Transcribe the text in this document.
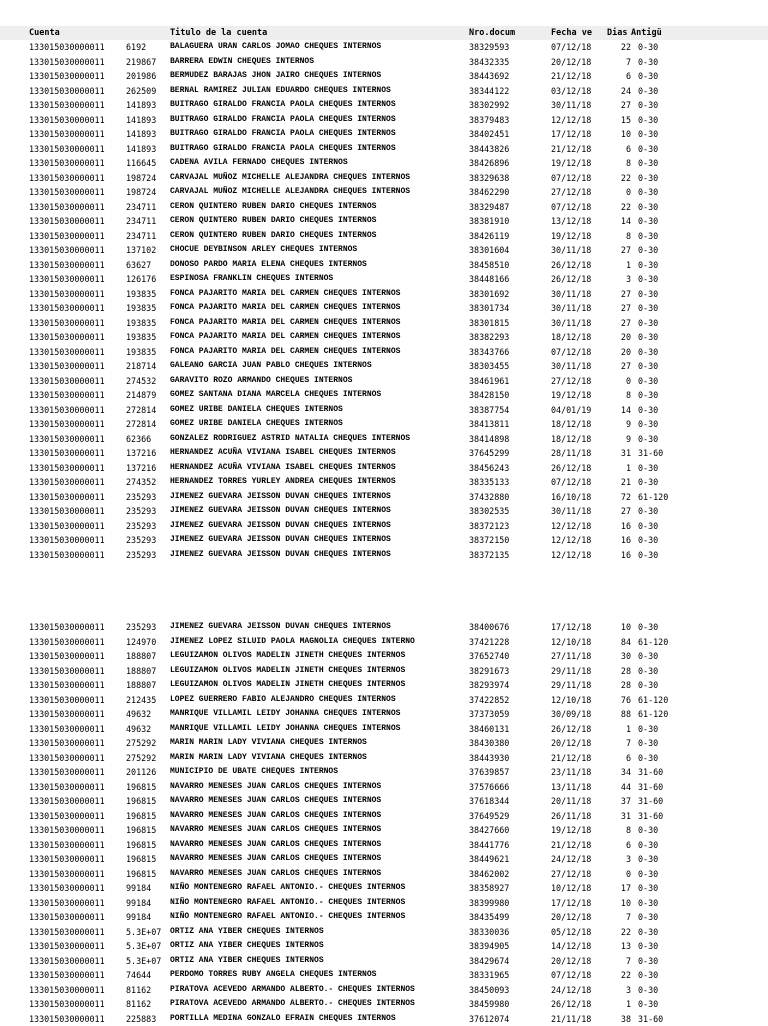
Cuenta	Titulo de la cuenta	Nro.docum	Fecha ve Dias Antigü
133015030000011	6192	BALAGUERA URAN CARLOS JOMAO CHEQUES INTERNOS	38329593	07/12/18	22 0-30
133015030000011	219867 BARRERA EDWIN CHEQUES INTERNOS	38432335	20/12/18	7 0-30
133015030000011	201986 BERMUDEZ BARAJAS JHON JAIRO CHEQUES INTERNOS	38443692	21/12/18	6 0-30
133015030000011	262509 BERNAL RAMIREZ JULIAN EDUARDO CHEQUES INTERNOS	38344122	03/12/18	24 0-30
133015030000011	141893 BUITRAGO GIRALDO FRANCIA PAOLA CHEQUES INTERNOS	38302992	30/11/18	27 0-30
133015030000011	141893 BUITRAGO GIRALDO FRANCIA PAOLA CHEQUES INTERNOS	38379483	12/12/18	15 0-30
133015030000011	141893 BUITRAGO GIRALDO FRANCIA PAOLA CHEQUES INTERNOS	38402451	17/12/18	10 0-30
133015030000011	141893 BUITRAGO GIRALDO FRANCIA PAOLA CHEQUES INTERNOS	38443826	21/12/18	6 0-30
133015030000011	116645 CADENA AVILA FERNADO CHEQUES INTERNOS	38426896	19/12/18	8 0-30
133015030000011	198724 CARVAJAL MUÑOZ MICHELLE ALEJANDRA CHEQUES INTERNOS	38329638	07/12/18	22 0-30
133015030000011	198724 CARVAJAL MUÑOZ MICHELLE ALEJANDRA CHEQUES INTERNOS	38462290	27/12/18	0 0-30
133015030000011	234711 CERON QUINTERO RUBEN DARIO CHEQUES INTERNOS	38329487	07/12/18	22 0-30
133015030000011	234711 CERON QUINTERO RUBEN DARIO CHEQUES INTERNOS	38381910	13/12/18	14 0-30
133015030000011	234711 CERON QUINTERO RUBEN DARIO CHEQUES INTERNOS	38426119	19/12/18	8 0-30
133015030000011	137102 CHOCUE DEYBINSON ARLEY CHEQUES INTERNOS	38301604	30/11/18	27 0-30
133015030000011	63627 DONOSO PARDO MARIA ELENA CHEQUES INTERNOS	38458510	26/12/18	1 0-30
133015030000011	126176 ESPINOSA FRANKLIN CHEQUES INTERNOS	38448166	26/12/18	3 0-30
133015030000011	193835 FONCA PAJARITO MARIA DEL CARMEN CHEQUES INTERNOS	38301692	30/11/18	27 0-30
133015030000011	193835 FONCA PAJARITO MARIA DEL CARMEN CHEQUES INTERNOS	38301734	30/11/18	27 0-30
133015030000011	193835 FONCA PAJARITO MARIA DEL CARMEN CHEQUES INTERNOS	38301815	30/11/18	27 0-30
133015030000011	193835 FONCA PAJARITO MARIA DEL CARMEN CHEQUES INTERNOS	38382293	18/12/18	20 0-30
133015030000011	193835 FONCA PAJARITO MARIA DEL CARMEN CHEQUES INTERNOS	38343766	07/12/18	20 0-30
133015030000011	218714 GALEANO GARCIA JUAN PABLO CHEQUES INTERNOS	38303455	30/11/18	27 0-30
133015030000011	274532 GARAVITO ROZO ARMANDO CHEQUES INTERNOS	38461961	27/12/18	0 0-30
133015030000011	214879 GOMEZ SANTANA DIANA MARCELA CHEQUES INTERNOS	38428150	19/12/18	8 0-30
133015030000011	272814 GOMEZ URIBE DANIELA CHEQUES INTERNOS	38387754	04/01/19	14 0-30
133015030000011	272814 GOMEZ URIBE DANIELA CHEQUES INTERNOS	38413811	18/12/18	9 0-30
133015030000011	62366 GONZALEZ RODRIGUEZ ASTRID NATALIA CHEQUES INTERNOS	38414898	18/12/18	9 0-30
133015030000011	137216 HERNANDEZ ACUÑA VIVIANA ISABEL CHEQUES INTERNOS	37645299	28/11/18	31 31-60
133015030000011	137216 HERNANDEZ ACUÑA VIVIANA ISABEL CHEQUES INTERNOS	38456243	26/12/18	1 0-30
133015030000011	274352 HERNANDEZ TORRES YURLEY ANDREA CHEQUES INTERNOS	38335133	07/12/18	21 0-30
133015030000011	235293 JIMENEZ GUEVARA JEISSON DUVAN CHEQUES INTERNOS	37432880	16/10/18	72 61-120
133015030000011	235293 JIMENEZ GUEVARA JEISSON DUVAN CHEQUES INTERNOS	38302535	30/11/18	27 0-30
133015030000011	235293 JIMENEZ GUEVARA JEISSON DUVAN CHEQUES INTERNOS	38372123	12/12/18	16 0-30
133015030000011	235293 JIMENEZ GUEVARA JEISSON DUVAN CHEQUES INTERNOS	38372150	12/12/18	16 0-30
133015030000011	235293 JIMENEZ GUEVARA JEISSON DUVAN CHEQUES INTERNOS	38372135	12/12/18	16 0-30
133015030000011	235293 JIMENEZ GUEVARA JEISSON DUVAN CHEQUES INTERNOS	38400676	17/12/18	10 0-30
133015030000011	124970 JIMENEZ LOPEZ SILUID PAOLA MAGNOLIA CHEQUES INTERNO	37421228	12/10/18	84 61-120
133015030000011	188807 LEGUIZAMON OLIVOS MADELIN JINETH CHEQUES INTERNOS	37652740	27/11/18	30 0-30
133015030000011	188807 LEGUIZAMON OLIVOS MADELIN JINETH CHEQUES INTERNOS	38291673	29/11/18	28 0-30
133015030000011	188807 LEGUIZAMON OLIVOS MADELIN JINETH CHEQUES INTERNOS	38293974	29/11/18	28 0-30
133015030000011	212435 LOPEZ GUERRERO FABIO ALEJANDRO CHEQUES INTERNOS	37422852	12/10/18	76 61-120
133015030000011	49632 MANRIQUE VILLAMIL LEIDY JOHANNA CHEQUES INTERNOS	37373059	30/09/18	88 61-120
133015030000011	49632 MANRIQUE VILLAMIL LEIDY JOHANNA CHEQUES INTERNOS	38460131	26/12/18	1 0-30
133015030000011	275292 MARIN MARIN LADY VIVIANA CHEQUES INTERNOS	38430380	20/12/18	7 0-30
133015030000011	275292 MARIN MARIN LADY VIVIANA CHEQUES INTERNOS	38443930	21/12/18	6 0-30
133015030000011	201126 MUNICIPIO DE UBATE CHEQUES INTERNOS	37639857	23/11/18	34 31-60
133015030000011	196815 NAVARRO MENESES JUAN CARLOS CHEQUES INTERNOS	37576666	13/11/18	44 31-60
133015030000011	196815 NAVARRO MENESES JUAN CARLOS CHEQUES INTERNOS	37618344	20/11/18	37 31-60
133015030000011	196815 NAVARRO MENESES JUAN CARLOS CHEQUES INTERNOS	37649529	26/11/18	31 31-60
133015030000011	196815 NAVARRO MENESES JUAN CARLOS CHEQUES INTERNOS	38427660	19/12/18	8 0-30
133015030000011	196815 NAVARRO MENESES JUAN CARLOS CHEQUES INTERNOS	38441776	21/12/18	6 0-30
133015030000011	196815 NAVARRO MENESES JUAN CARLOS CHEQUES INTERNOS	38449621	24/12/18	3 0-30
133015030000011	196815 NAVARRO MENESES JUAN CARLOS CHEQUES INTERNOS	38462002	27/12/18	0 0-30
133015030000011	99184 NIÑO MONTENEGRO RAFAEL ANTONIO.- CHEQUES INTERNOS	38358927	10/12/18	17 0-30
133015030000011	99184 NIÑO MONTENEGRO RAFAEL ANTONIO.- CHEQUES INTERNOS	38399980	17/12/18	10 0-30
133015030000011	99184 NIÑO MONTENEGRO RAFAEL ANTONIO.- CHEQUES INTERNOS	38435499	20/12/18	7 0-30
133015030000011	5.3E+07 ORTIZ ANA YIBER CHEQUES INTERNOS	38330036	05/12/18	22 0-30
133015030000011	5.3E+07 ORTIZ ANA YIBER CHEQUES INTERNOS	38394905	14/12/18	13 0-30
133015030000011	5.3E+07 ORTIZ ANA YIBER CHEQUES INTERNOS	38429674	20/12/18	7 0-30
133015030000011	74644 PERDOMO TORRES RUBY ANGELA CHEQUES INTERNOS	38331965	07/12/18	22 0-30
133015030000011	81162 PIRATOVA ACEVEDO ARMANDO ALBERTO.- CHEQUES INTERNOS	38450093	24/12/18	3 0-30
133015030000011	81162 PIRATOVA ACEVEDO ARMANDO ALBERTO.- CHEQUES INTERNOS	38459980	26/12/18	1 0-30
133015030000011	225883 PORTILLA MEDINA GONZALO EFRAIN CHEQUES INTERNOS	37612074	21/11/18	38 31-60
